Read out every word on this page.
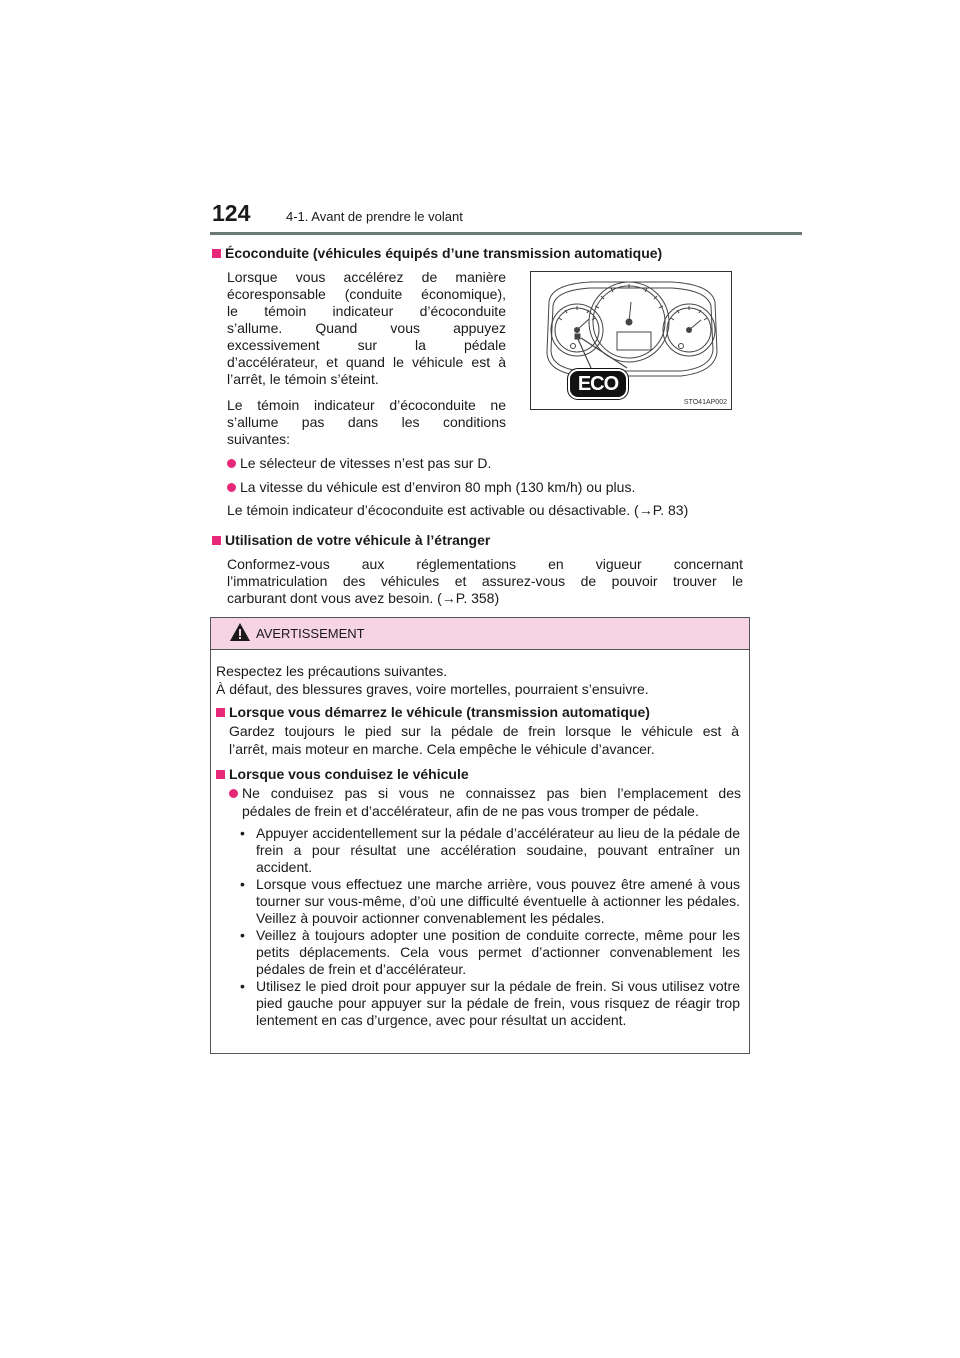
124	4-1. Avant de prendre le volant
Écoconduite (véhicules équipés d’une transmission automatique)
Lorsque vous accélérez de manière
écoresponsable (conduite économique),
le témoin indicateur d’écoconduite
s’allume. Quand vous appuyez
excessivement sur la pédale
d’accélérateur, et quand le véhicule est à
l’arrêt, le témoin s’éteint.
Le témoin indicateur d’écoconduite ne
s’allume pas dans les conditions
suivantes:
Le sélecteur de vitesses n’est pas sur D.
La vitesse du véhicule est d’environ 80 mph (130 km/h) ou plus.
Le témoin indicateur d’écoconduite est activable ou désactivable. (→P. 83)
STO41AP002
ECO
Utilisation de votre véhicule à l’étranger
Conformez-vous aux réglementations en vigueur concernant
l’immatriculation des véhicules et assurez-vous de pouvoir trouver le
carburant dont vous avez besoin. (→P. 358)
AVERTISSEMENT
Respectez les précautions suivantes.
À défaut, des blessures graves, voire mortelles, pourraient s’ensuivre.
Lorsque vous démarrez le véhicule (transmission automatique)
Gardez toujours le pied sur la pédale de frein lorsque le véhicule est à
l’arrêt, mais moteur en marche. Cela empêche le véhicule d’avancer.
Lorsque vous conduisez le véhicule
Ne conduisez pas si vous ne connaissez pas bien l’emplacement des
pédales de frein et d’accélérateur, afin de ne pas vous tromper de pédale.
• Appuyer accidentellement sur la pédale d’accélérateur au lieu de la pédale de frein a pour résultat une accélération soudaine, pouvant entraîner un accident.
• Lorsque vous effectuez une marche arrière, vous pouvez être amené à vous tourner sur vous-même, d’où une difficulté éventuelle à actionner les pédales. Veillez à pouvoir actionner convenablement les pédales.
• Veillez à toujours adopter une position de conduite correcte, même pour les petits déplacements. Cela vous permet d’actionner convenablement les pédales de frein et d’accélérateur.
• Utilisez le pied droit pour appuyer sur la pédale de frein. Si vous utilisez votre pied gauche pour appuyer sur la pédale de frein, vous risquez de réagir trop lentement en cas d’urgence, avec pour résultat un accident.
